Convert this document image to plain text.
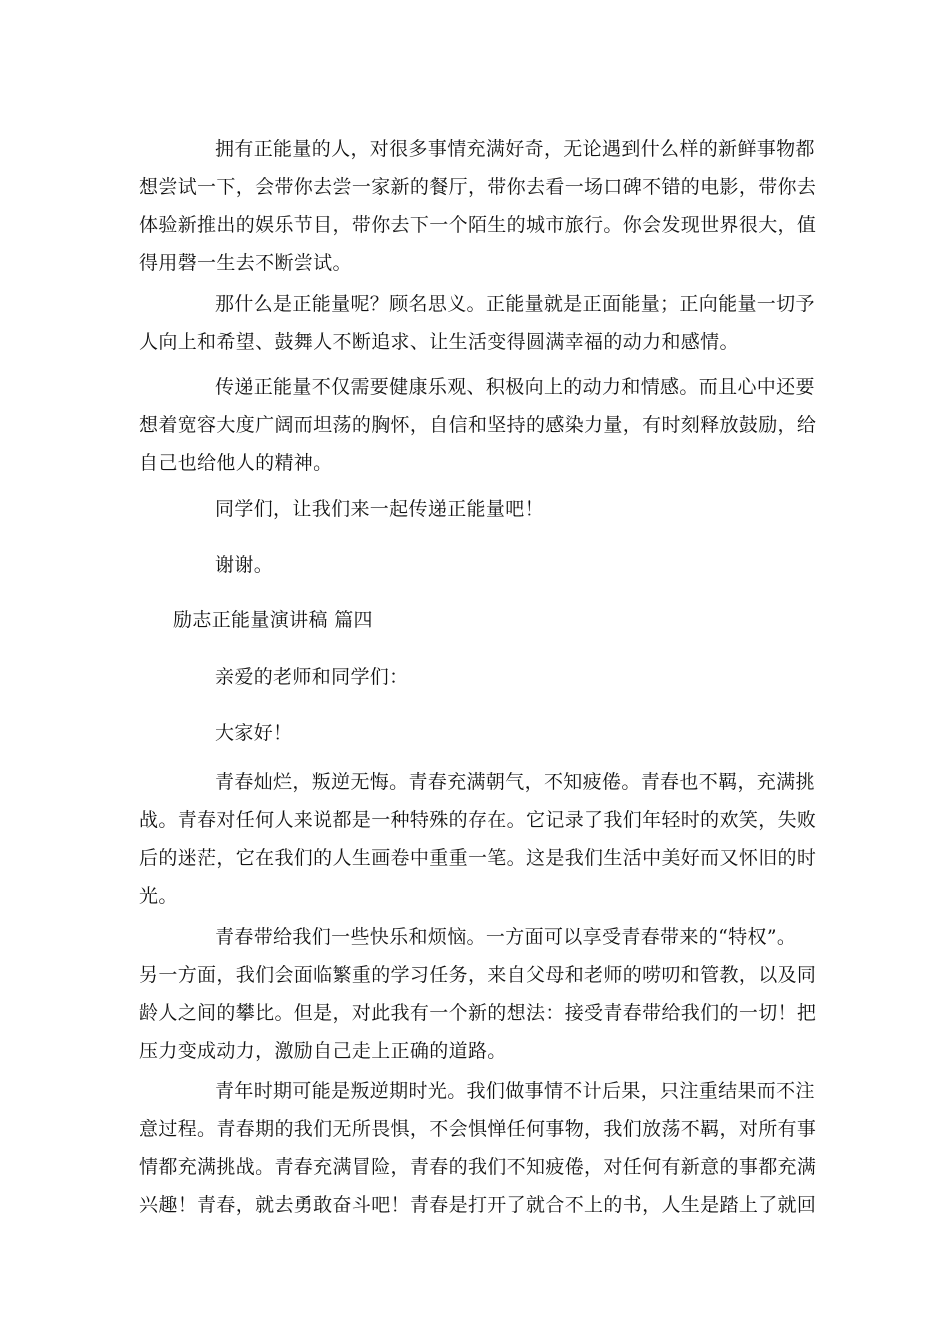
拥有正能量的人，对很多事情充满好奇，无论遇到什么样的新鲜事物都
想尝试一下，会带你去尝一家新的餐厅，带你去看一场口碑不错的电影，带你去
体验新推出的娱乐节目，带你去下一个陌生的城市旅行。你会发现世界很大，值
得用磬一生去不断尝试。
那什么是正能量呢？顾名思义。正能量就是正面能量；正向能量一切予
人向上和希望、鼓舞人不断追求、让生活变得圆满幸福的动力和感情。
传递正能量不仅需要健康乐观、积极向上的动力和情感。而且心中还要
想着宽容大度广阔而坦荡的胸怀，自信和坚持的感染力量，有时刻释放鼓励，给
自己也给他人的精神。
同学们，让我们来一起传递正能量吧！
谢谢。
励志正能量演讲稿 篇四
亲爱的老师和同学们：
大家好！
青春灿烂，叛逆无悔。青春充满朝气，不知疲倦。青春也不羁，充满挑
战。青春对任何人来说都是一种特殊的存在。它记录了我们年轻时的欢笑，失败
后的迷茫，它在我们的人生画卷中重重一笔。这是我们生活中美好而又怀旧的时
光。
青春带给我们一些快乐和烦恼。一方面可以享受青春带来的“特权”。
另一方面，我们会面临繁重的学习任务，来自父母和老师的唠叨和管教，以及同
龄人之间的攀比。但是，对此我有一个新的想法：接受青春带给我们的一切！把
压力变成动力，激励自己走上正确的道路。
青年时期可能是叛逆期时光。我们做事情不计后果，只注重结果而不注
意过程。青春期的我们无所畏惧，不会惧惮任何事物，我们放荡不羁，对所有事
情都充满挑战。青春充满冒险，青春的我们不知疲倦，对任何有新意的事都充满
兴趣！青春，就去勇敢奋斗吧！青春是打开了就合不上的书，人生是踏上了就回
